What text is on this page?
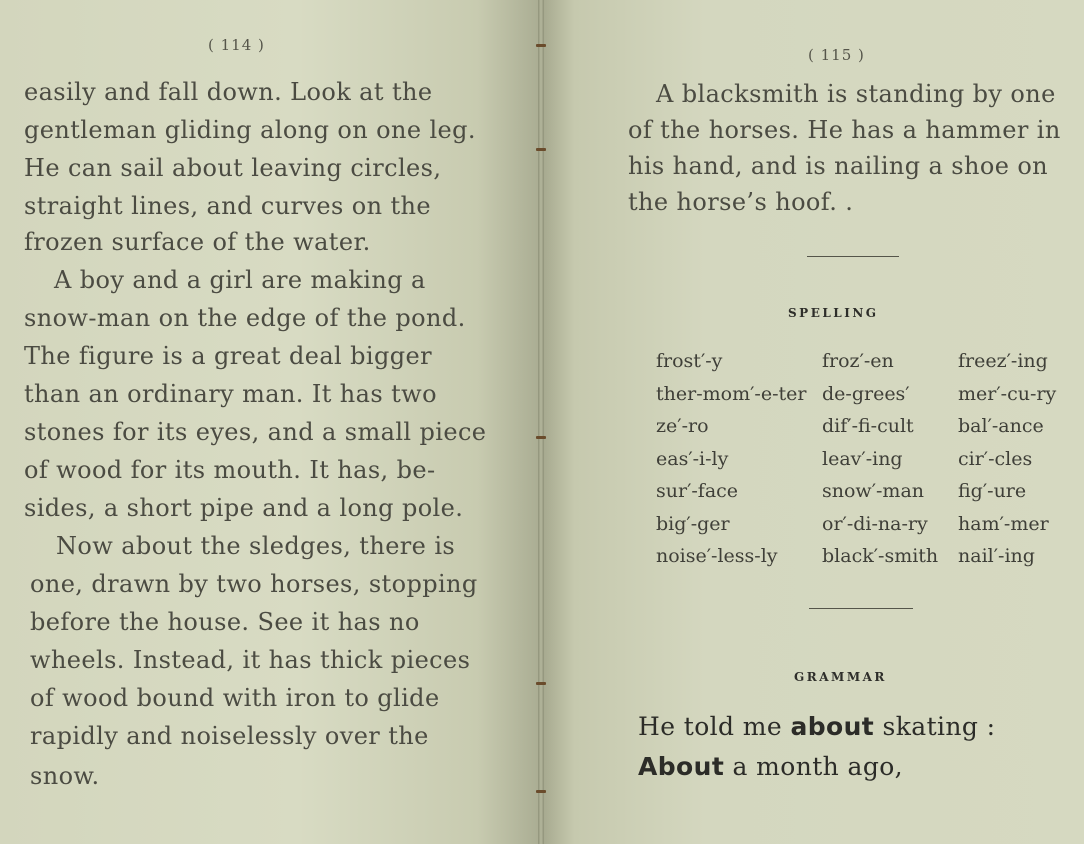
( 114 )
easily and fall down. Look at the
gentleman gliding along on one leg.
He can sail about leaving circles,
straight lines, and curves on the
frozen surface of the water.
A boy and a girl are making a
snow-man on the edge of the pond.
The figure is a great deal bigger
than an ordinary man. It has two
stones for its eyes, and a small piece
of wood for its mouth. It has, be-
sides, a short pipe and a long pole.
Now about the sledges, there is
one, drawn by two horses, stopping
before the house. See it has no
wheels. Instead, it has thick pieces
of wood bound with iron to glide
rapidly and noiselessly over the
snow.
( 115 )
A blacksmith is standing by one
of the horses. He has a hammer in
his hand, and is nailing a shoe on
the horse’s hoof. .
SPELLING
frost′-y
ther-mom′-e-ter
ze′-ro
eas′-i-ly
sur′-face
big′-ger
noise′-less-ly
froz′-en
de-grees′
dif′-fi-cult
leav′-ing
snow′-man
or′-di-na-ry
black′-smith
freez′-ing
mer′-cu-ry
bal′-ance
cir′-cles
fig′-ure
ham′-mer
nail′-ing
GRAMMAR
He told me about skating :
About a month ago,
